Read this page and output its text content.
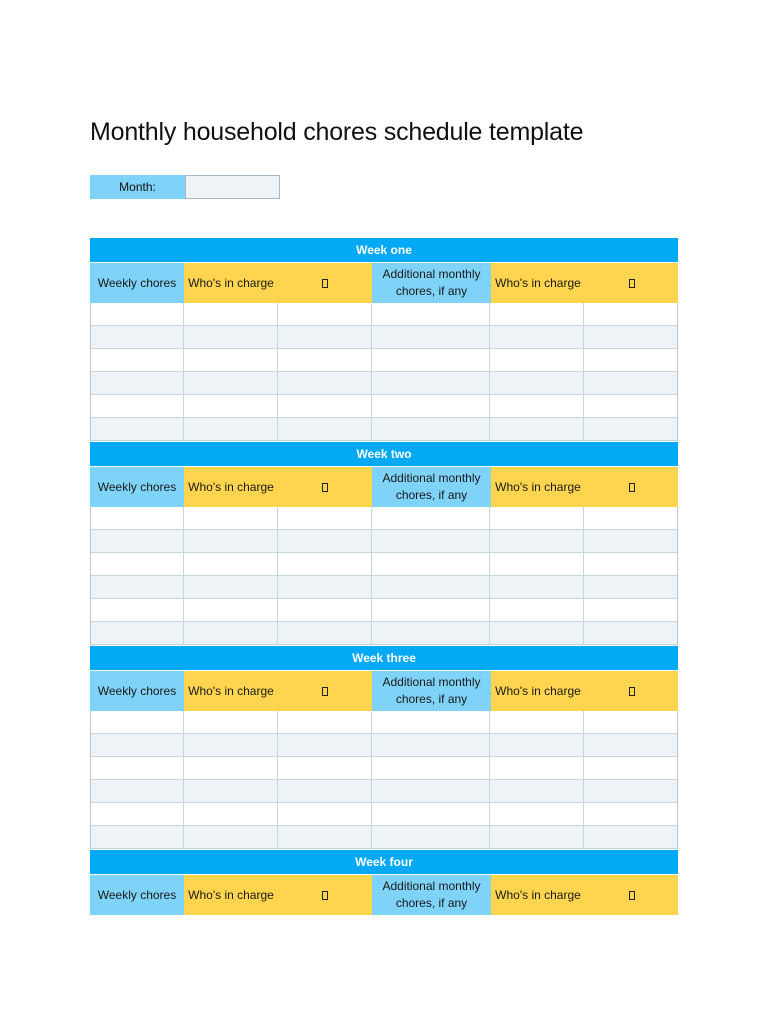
Monthly household chores schedule template
Month:
Week one
Weekly chores Who's in charge
Additional monthly chores, if any
Who's in charge
Week two
Weekly chores Who's in charge
Additional monthly chores, if any
Who's in charge
Week three
Weekly chores Who's in charge
Additional monthly chores, if any
Who's in charge
Week four
Weekly chores Who's in charge
Additional monthly chores, if any
Who's in charge
